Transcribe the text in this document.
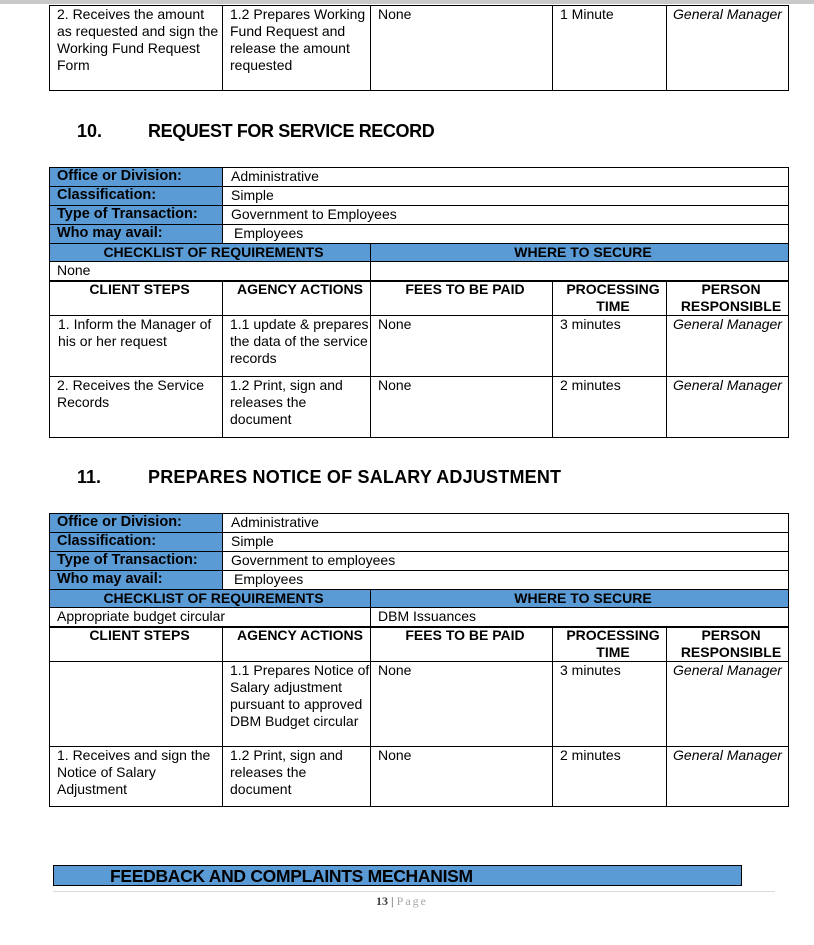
2. Receives the amount as requested and sign the Working Fund Request Form	1.2 Prepares Working Fund Request and release the amount requested	None	1 Minute	General Manager
10.	REQUEST FOR SERVICE RECORD
Office or Division:	Administrative
Classification:	Simple
Type of Transaction:	Government to Employees
Who may avail:	Employees
CHECKLIST OF REQUIREMENTS	WHERE TO SECURE
None	
CLIENT STEPS	AGENCY ACTIONS	FEES TO BE PAID	PROCESSING TIME	PERSON RESPONSIBLE
1. Inform the Manager of his or her request	1.1 update & prepares the data of the service records	None	3 minutes	General Manager
2. Receives the Service Records	1.2 Print, sign and releases the document	None	2 minutes	General Manager
11.	PREPARES NOTICE OF SALARY ADJUSTMENT
Office or Division:	Administrative
Classification:	Simple
Type of Transaction:	Government to employees
Who may avail:	Employees
CHECKLIST OF REQUIREMENTS	WHERE TO SECURE
Appropriate budget circular	DBM Issuances
CLIENT STEPS	AGENCY ACTIONS	FEES TO BE PAID	PROCESSING TIME	PERSON RESPONSIBLE
	1.1 Prepares Notice of Salary adjustment pursuant to approved DBM Budget circular	None	3 minutes	General Manager
1. Receives and sign the Notice of Salary Adjustment	1.2 Print, sign and releases the document	None	2 minutes	General Manager
FEEDBACK AND COMPLAINTS MECHANISM
13 | Page
